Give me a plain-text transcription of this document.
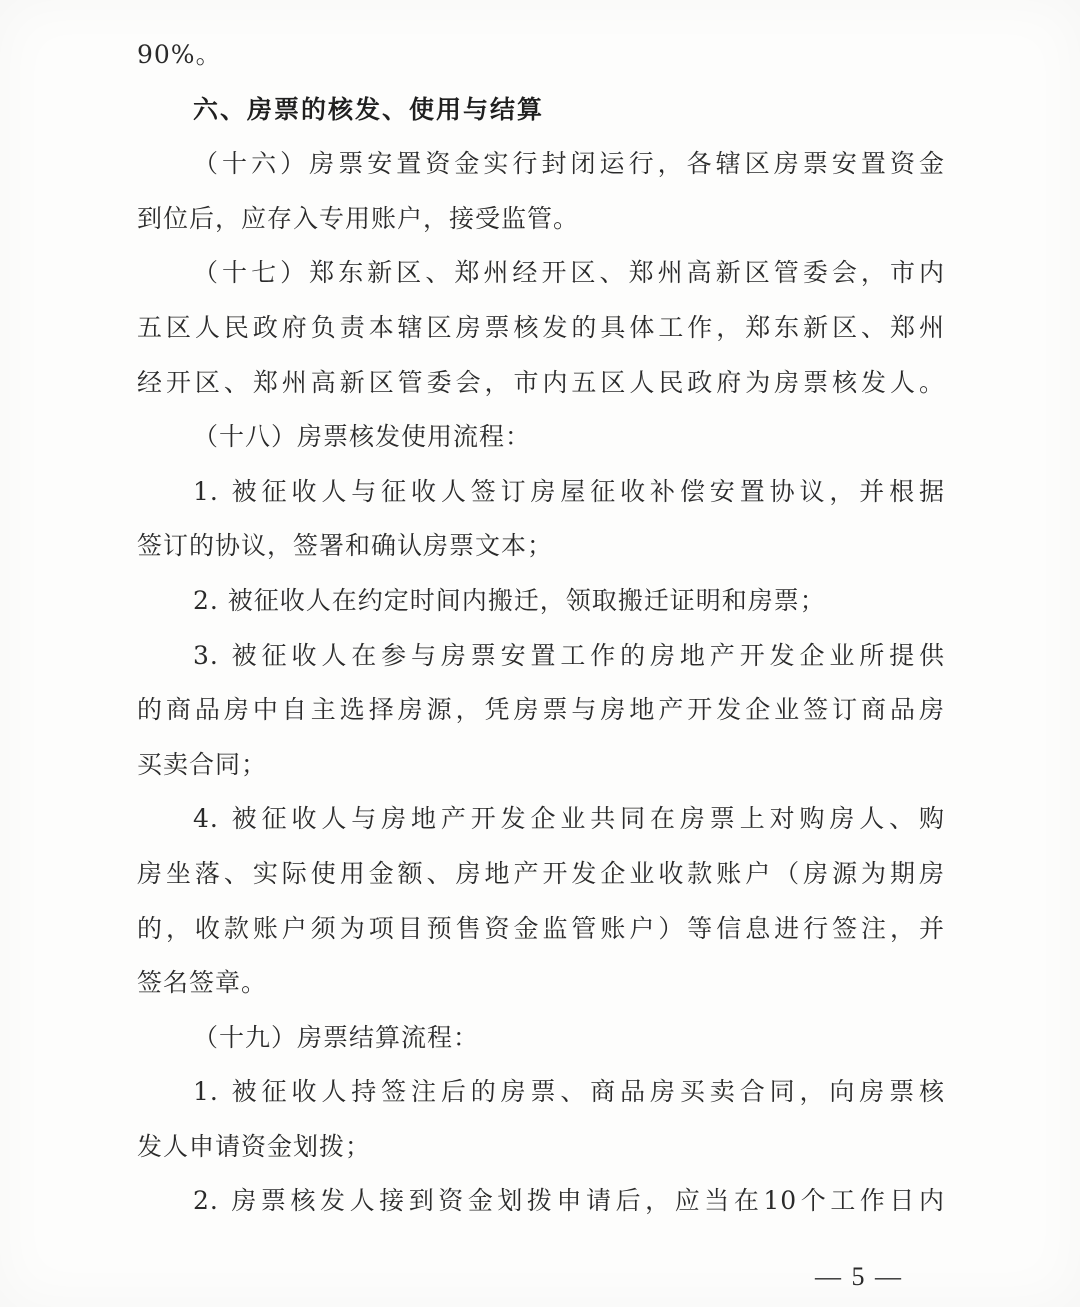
90%。
六、房票的核发、使用与结算
（十六）房票安置资金实行封闭运行，各辖区房票安置资金
到位后，应存入专用账户，接受监管。
（十七）郑东新区、郑州经开区、郑州高新区管委会，市内
五区人民政府负责本辖区房票核发的具体工作，郑东新区、郑州
经开区、郑州高新区管委会，市内五区人民政府为房票核发人。
（十八）房票核发使用流程：
1. 被征收人与征收人签订房屋征收补偿安置协议，并根据
签订的协议，签署和确认房票文本；
2. 被征收人在约定时间内搬迁，领取搬迁证明和房票；
3. 被征收人在参与房票安置工作的房地产开发企业所提供
的商品房中自主选择房源，凭房票与房地产开发企业签订商品房
买卖合同；
4. 被征收人与房地产开发企业共同在房票上对购房人、购
房坐落、实际使用金额、房地产开发企业收款账户（房源为期房
的，收款账户须为项目预售资金监管账户）等信息进行签注，并
签名签章。
（十九）房票结算流程：
1. 被征收人持签注后的房票、商品房买卖合同，向房票核
发人申请资金划拨；
2. 房票核发人接到资金划拨申请后，应当在10个工作日内
— 5 —
